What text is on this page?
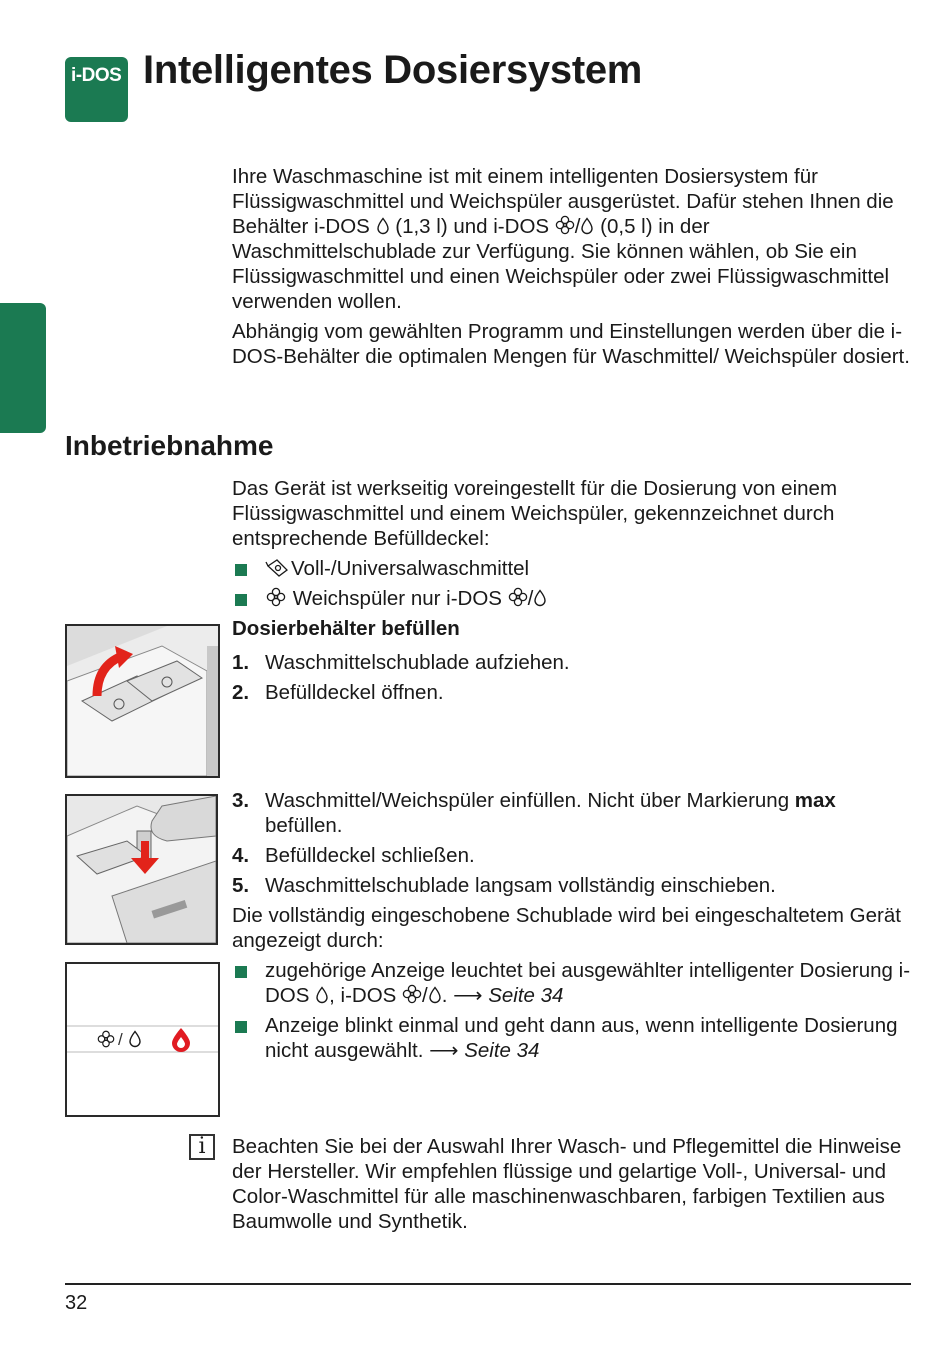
i-DOS Intelligentes Dosiersystem

Ihre Waschmaschine ist mit einem intelligenten Dosiersystem für Flüssigwaschmittel und Weichspüler ausgerüstet. Dafür stehen Ihnen die Behälter i-DOS  (1,3 l) und i-DOS / (0,5 l) in der Waschmittelschublade zur Verfügung. Sie können wählen, ob Sie ein Flüssigwaschmittel und einen Weichspüler oder zwei Flüssigwaschmittel verwenden wollen.

Abhängig vom gewählten Programm und Einstellungen werden über die i-DOS-Behälter die optimalen Mengen für Waschmittel/ Weichspüler dosiert.

Inbetriebnahme

Das Gerät ist werkseitig voreingestellt für die Dosierung von einem Flüssigwaschmittel und einem Weichspüler, gekennzeichnet durch entsprechende Befülldeckel:

Voll-/Universalwaschmittel

Weichspüler nur i-DOS /

Dosierbehälter befüllen

1. Waschmittelschublade aufziehen.

2. Befülldeckel öffnen.

3. Waschmittel/Weichspüler einfüllen. Nicht über Markierung max befüllen.

4. Befülldeckel schließen.

5. Waschmittelschublade langsam vollständig einschieben.

Die vollständig eingeschobene Schublade wird bei eingeschaltetem Gerät angezeigt durch:

zugehörige Anzeige leuchtet bei ausgewählter intelligenter Dosierung i-DOS , i-DOS / . ⟶ Seite 34

Anzeige blinkt einmal und geht dann aus, wenn intelligente Dosierung nicht ausgewählt. ⟶ Seite 34

/
i	Beachten Sie bei der Auswahl Ihrer Wasch- und Pflegemittel die Hinweise der Hersteller. Wir empfehlen flüssige und gelartige Voll-, Universal- und Color-Waschmittel für alle maschinenwaschbaren, farbigen Textilien aus Baumwolle und Synthetik.

32
